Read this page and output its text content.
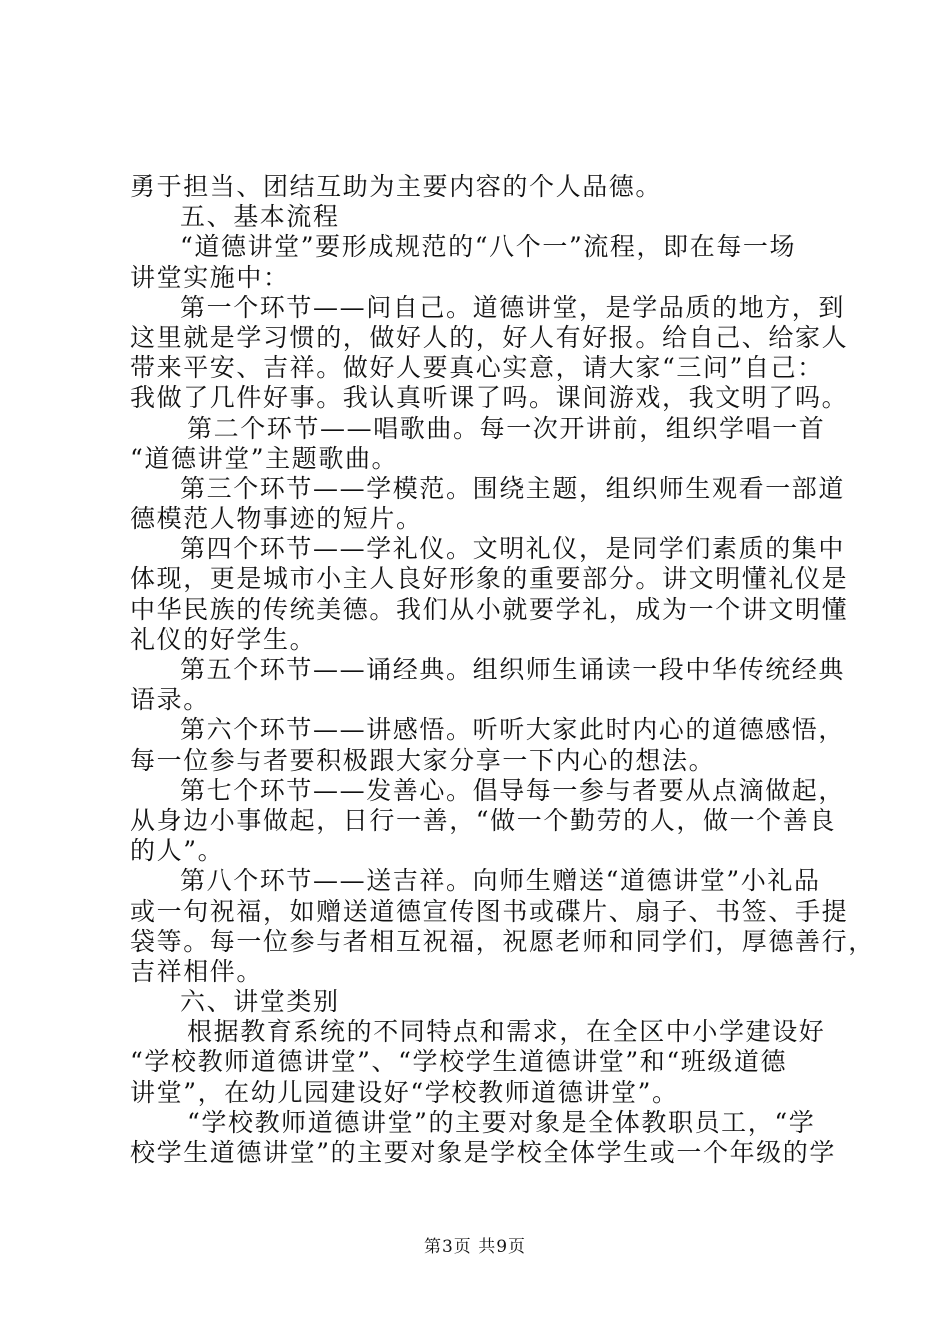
勇于担当、团结互助为主要内容的个人品德。
五、基本流程
“道德讲堂”要形成规范的“八个一”流程，即在每一场
讲堂实施中：
第一个环节——问自己。道德讲堂，是学品质的地方，到
这里就是学习惯的，做好人的，好人有好报。给自己、给家人
带来平安、吉祥。做好人要真心实意，请大家“三问”自己：
我做了几件好事。我认真听课了吗。课间游戏，我文明了吗。
第二个环节——唱歌曲。每一次开讲前，组织学唱一首
“道德讲堂”主题歌曲。
第三个环节——学模范。围绕主题，组织师生观看一部道
德模范人物事迹的短片。
第四个环节——学礼仪。文明礼仪，是同学们素质的集中
体现，更是城市小主人良好形象的重要部分。讲文明懂礼仪是
中华民族的传统美德。我们从小就要学礼，成为一个讲文明懂
礼仪的好学生。
第五个环节——诵经典。组织师生诵读一段中华传统经典
语录。
第六个环节——讲感悟。听听大家此时内心的道德感悟，
每一位参与者要积极跟大家分享一下内心的想法。
第七个环节——发善心。倡导每一参与者要从点滴做起，
从身边小事做起，日行一善，“做一个勤劳的人，做一个善良
的人”。
第八个环节——送吉祥。向师生赠送“道德讲堂”小礼品
或一句祝福，如赠送道德宣传图书或碟片、扇子、书签、手提
袋等。每一位参与者相互祝福，祝愿老师和同学们，厚德善行，
吉祥相伴。
六、讲堂类别
根据教育系统的不同特点和需求，在全区中小学建设好
“学校教师道德讲堂”、“学校学生道德讲堂”和“班级道德
讲堂”，在幼儿园建设好“学校教师道德讲堂”。
“学校教师道德讲堂”的主要对象是全体教职员工，“学
校学生道德讲堂”的主要对象是学校全体学生或一个年级的学
第3页 共9页
